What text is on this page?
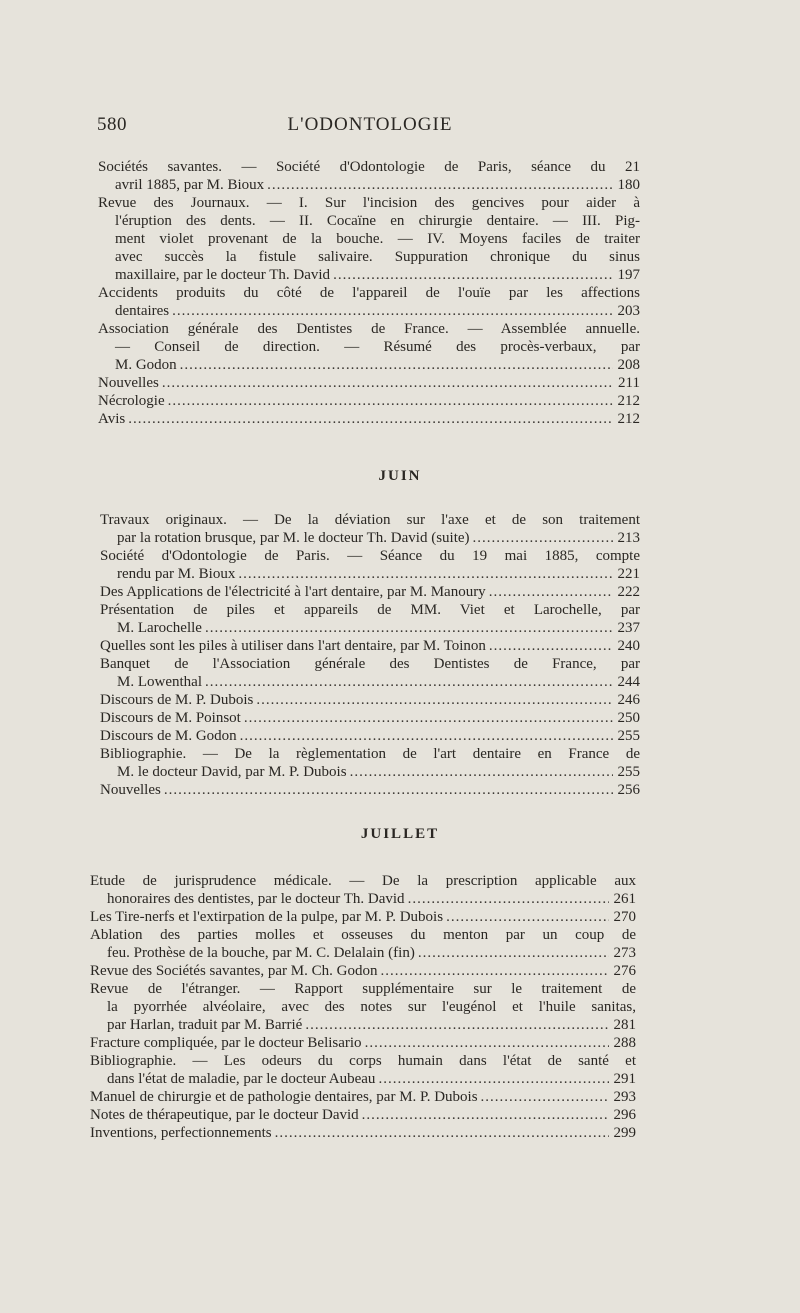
580	L'ODONTOLOGIE
Sociétés savantes. — Société d'Odontologie de Paris, séance du 21
avril 1885, par M. Bioux .....	180
Revue des Journaux. — I. Sur l'incision des gencives pour aider à
l'éruption des dents. — II. Cocaïne en chirurgie dentaire. — III. Pig-
ment violet provenant de la bouche. — IV. Moyens faciles de traiter
avec succès la fistule salivaire. Suppuration chronique du sinus
maxillaire, par le docteur Th. David .....	197
Accidents produits du côté de l'appareil de l'ouïe par les affections
dentaires .....	203
Association générale des Dentistes de France. — Assemblée annuelle.
— Conseil de direction. — Résumé des procès-verbaux, par
M. Godon .....	208
Nouvelles .....	211
Nécrologie .....	212
Avis .....	212
JUIN
Travaux originaux. — De la déviation sur l'axe et de son traitement
par la rotation brusque, par M. le docteur Th. David (suite) .....	213
Société d'Odontologie de Paris. — Séance du 19 mai 1885, compte
rendu par M. Bioux .....	221
Des Applications de l'électricité à l'art dentaire, par M. Manoury .....	222
Présentation de piles et appareils de MM. Viet et Larochelle, par
M. Larochelle .....	237
Quelles sont les piles à utiliser dans l'art dentaire, par M. Toinon .....	240
Banquet de l'Association générale des Dentistes de France, par
M. Lowenthal .....	244
Discours de M. P. Dubois .....	246
Discours de M. Poinsot .....	250
Discours de M. Godon .....	255
Bibliographie. — De la règlementation de l'art dentaire en France de
M. le docteur David, par M. P. Dubois .....	255
Nouvelles .....	256
JUILLET
Etude de jurisprudence médicale. — De la prescription applicable aux
honoraires des dentistes, par le docteur Th. David .....	261
Les Tire-nerfs et l'extirpation de la pulpe, par M. P. Dubois .....	270
Ablation des parties molles et osseuses du menton par un coup de
feu. Prothèse de la bouche, par M. C. Delalain (fin) .....	273
Revue des Sociétés savantes, par M. Ch. Godon .....	276
Revue de l'étranger. — Rapport supplémentaire sur le traitement de
la pyorrhée alvéolaire, avec des notes sur l'eugénol et l'huile sanitas,
par Harlan, traduit par M. Barrié .....	281
Fracture compliquée, par le docteur Belisario .....	288
Bibliographie. — Les odeurs du corps humain dans l'état de santé et
dans l'état de maladie, par le docteur Aubeau .....	291
Manuel de chirurgie et de pathologie dentaires, par M. P. Dubois .....	293
Notes de thérapeutique, par le docteur David .....	296
Inventions, perfectionnements .....	299
